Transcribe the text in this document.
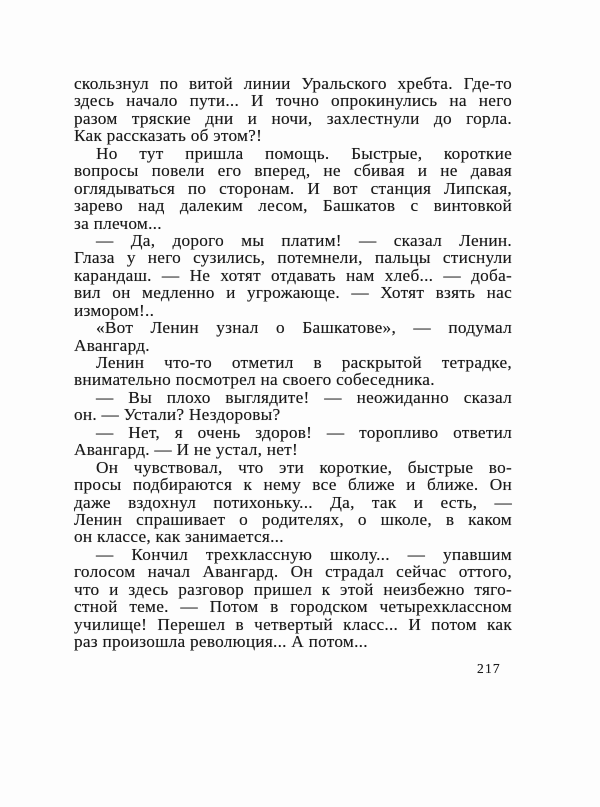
скользнул по витой линии Уральского хребта. Где-то
здесь начало пути... И точно опрокинулись на него
разом тряские дни и ночи, захлестнули до горла.
Как рассказать об этом?!
Но тут пришла помощь. Быстрые, короткие
вопросы повели его вперед, не сбивая и не давая
оглядываться по сторонам. И вот станция Липская,
зарево над далеким лесом, Башкатов с винтовкой
за плечом...
— Да, дорого мы платим! — сказал Ленин.
Глаза у него сузились, потемнели, пальцы стиснули
карандаш. — Не хотят отдавать нам хлеб... — доба-
вил он медленно и угрожающе. — Хотят взять нас
измором!..
«Вот Ленин узнал о Башкатове», — подумал
Авангард.
Ленин что-то отметил в раскрытой тетрадке,
внимательно посмотрел на своего собеседника.
— Вы плохо выглядите! — неожиданно сказал
он. — Устали? Нездоровы?
— Нет, я очень здоров! — торопливо ответил
Авангард. — И не устал, нет!
Он чувствовал, что эти короткие, быстрые во-
просы подбираются к нему все ближе и ближе. Он
даже вздохнул потихоньку... Да, так и есть, —
Ленин спрашивает о родителях, о школе, в каком
он классе, как занимается...
— Кончил трехклассную школу... — упавшим
голосом начал Авангард. Он страдал сейчас оттого,
что и здесь разговор пришел к этой неизбежно тяго-
стной теме. — Потом в городском четырехклассном
училище! Перешел в четвертый класс... И потом как
раз произошла революция... А потом...
217
